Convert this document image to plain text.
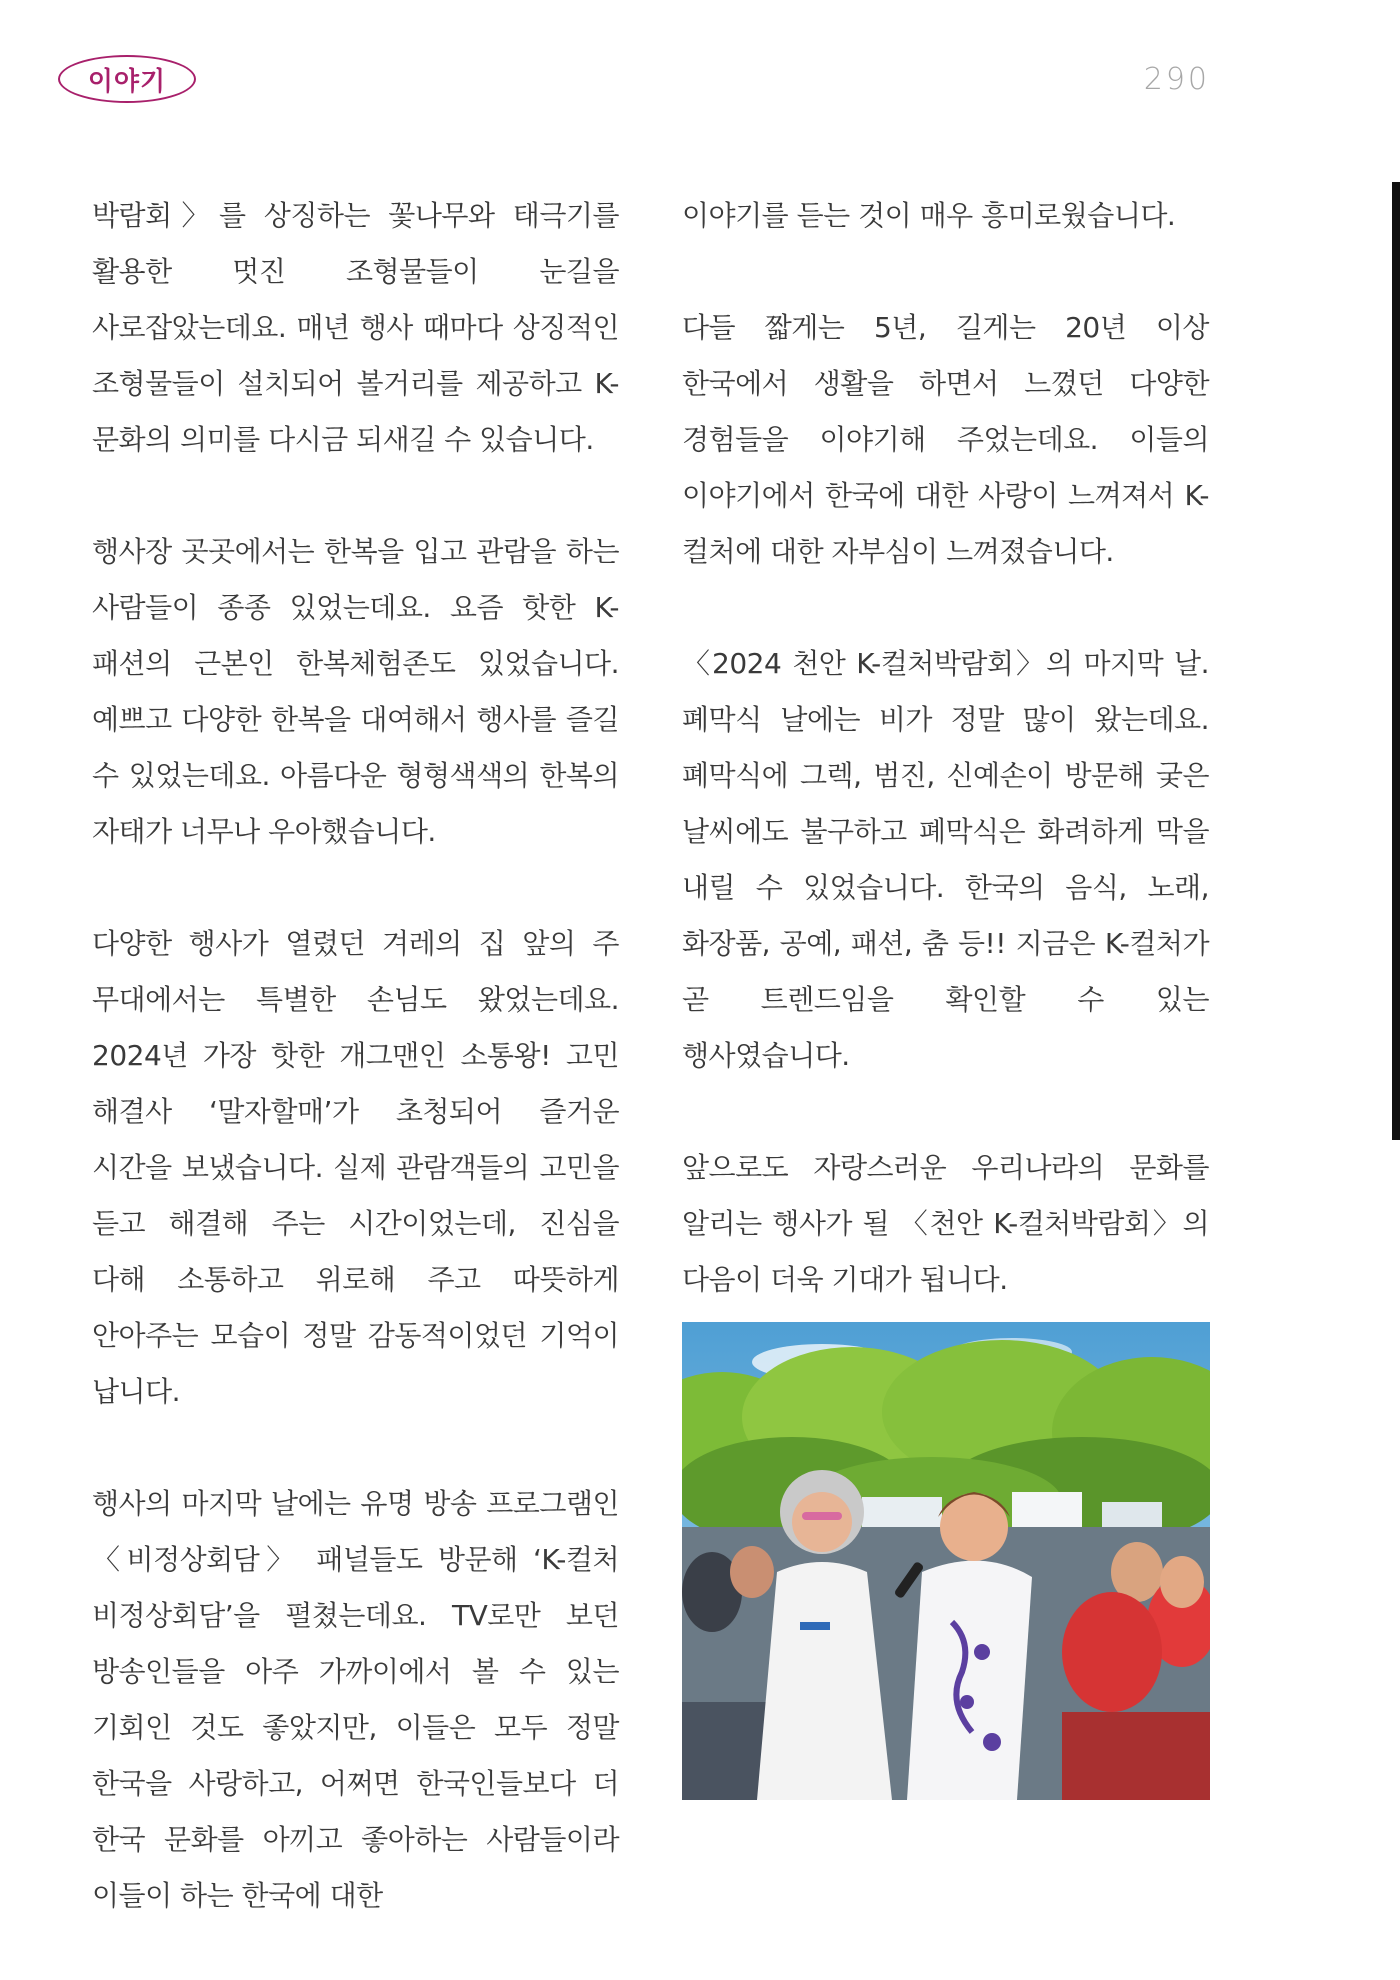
이야기	290

박람회〉를 상징하는 꽃나무와 태극기를 활용한 멋진 조형물들이 눈길을 사로잡았는데요. 매년 행사 때마다 상징적인 조형물들이 설치되어 볼거리를 제공하고 K-문화의 의미를 다시금 되새길 수 있습니다.

행사장 곳곳에서는 한복을 입고 관람을 하는 사람들이 종종 있었는데요. 요즘 핫한 K-패션의 근본인 한복체험존도 있었습니다. 예쁘고 다양한 한복을 대여해서 행사를 즐길 수 있었는데요. 아름다운 형형색색의 한복의 자태가 너무나 우아했습니다.

다양한 행사가 열렸던 겨레의 집 앞의 주 무대에서는 특별한 손님도 왔었는데요. 2024년 가장 핫한 개그맨인 소통왕! 고민 해결사 ‘말자할매’가 초청되어 즐거운 시간을 보냈습니다. 실제 관람객들의 고민을 듣고 해결해 주는 시간이었는데, 진심을 다해 소통하고 위로해 주고 따뜻하게 안아주는 모습이 정말 감동적이었던 기억이 납니다.

행사의 마지막 날에는 유명 방송 프로그램인 〈비정상회담〉 패널들도 방문해 ‘K-컬처 비정상회담’을 펼쳤는데요. TV로만 보던 방송인들을 아주 가까이에서 볼 수 있는 기회인 것도 좋았지만, 이들은 모두 정말 한국을 사랑하고, 어쩌면 한국인들보다 더 한국 문화를 아끼고 좋아하는 사람들이라 이들이 하는 한국에 대한

이야기를 듣는 것이 매우 흥미로웠습니다.

다들 짧게는 5년, 길게는 20년 이상 한국에서 생활을 하면서 느꼈던 다양한 경험들을 이야기해 주었는데요. 이들의 이야기에서 한국에 대한 사랑이 느껴져서 K-컬처에 대한 자부심이 느껴졌습니다.

〈2024 천안 K-컬처박람회〉의 마지막 날. 폐막식 날에는 비가 정말 많이 왔는데요. 폐막식에 그렉, 범진, 신예손이 방문해 궂은 날씨에도 불구하고 폐막식은 화려하게 막을 내릴 수 있었습니다. 한국의 음식, 노래, 화장품, 공예, 패션, 춤 등!! 지금은 K-컬처가 곧 트렌드임을 확인할 수 있는 행사였습니다.

앞으로도 자랑스러운 우리나라의 문화를 알리는 행사가 될 〈천안 K-컬처박람회〉의 다음이 더욱 기대가 됩니다.
